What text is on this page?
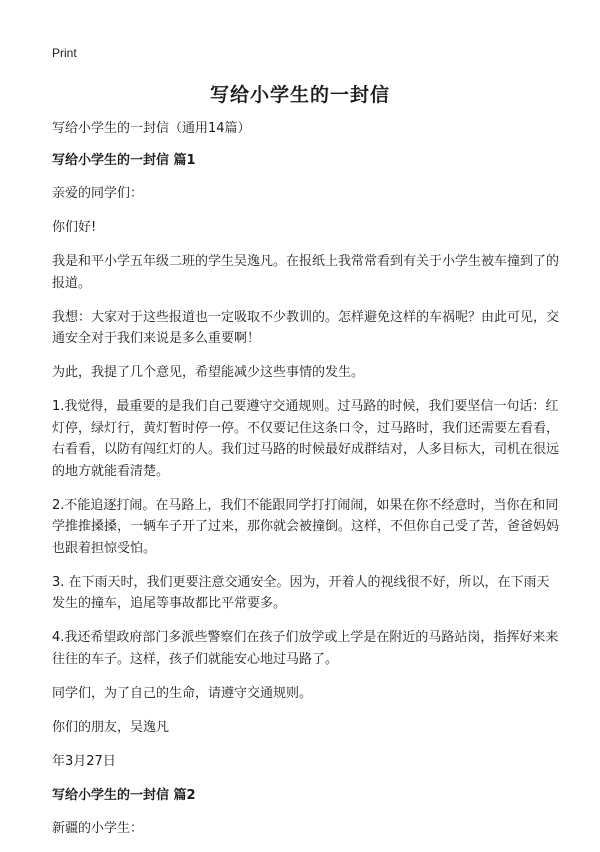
Print
写给小学生的一封信

写给小学生的一封信（通用14篇）

写给小学生的一封信 篇1

亲爱的同学们：

你们好!

我是和平小学五年级二班的学生吴逸凡。在报纸上我常常看到有关于小学生被车撞到了的报道。

我想：大家对于这些报道也一定吸取不少教训的。怎样避免这样的车祸呢？由此可见，交通安全对于我们来说是多么重要啊！

为此，我提了几个意见，希望能减少这些事情的发生。

1.我觉得，最重要的是我们自己要遵守交通规则。过马路的时候，我们要坚信一句话：红灯停，绿灯行，黄灯暂时停一停。不仅要记住这条口令，过马路时，我们还需要左看看，右看看，以防有闯红灯的人。我们过马路的时候最好成群结对，人多目标大，司机在很远的地方就能看清楚。

2.不能追逐打闹。在马路上，我们不能跟同学打打闹闹，如果在你不经意时，当你在和同学推推搡搡，一辆车子开了过来，那你就会被撞倒。这样，不但你自己受了苦，爸爸妈妈也跟着担惊受怕。

3. 在下雨天时，我们更要注意交通安全。因为，开着人的视线很不好，所以，在下雨天发生的撞车，追尾等事故都比平常要多。

4.我还希望政府部门多派些警察们在孩子们放学或上学是在附近的马路站岗，指挥好来来往往的车子。这样，孩子们就能安心地过马路了。

同学们，为了自己的生命，请遵守交通规则。

你们的朋友，吴逸凡

年3月27日

写给小学生的一封信 篇2

新疆的小学生：
